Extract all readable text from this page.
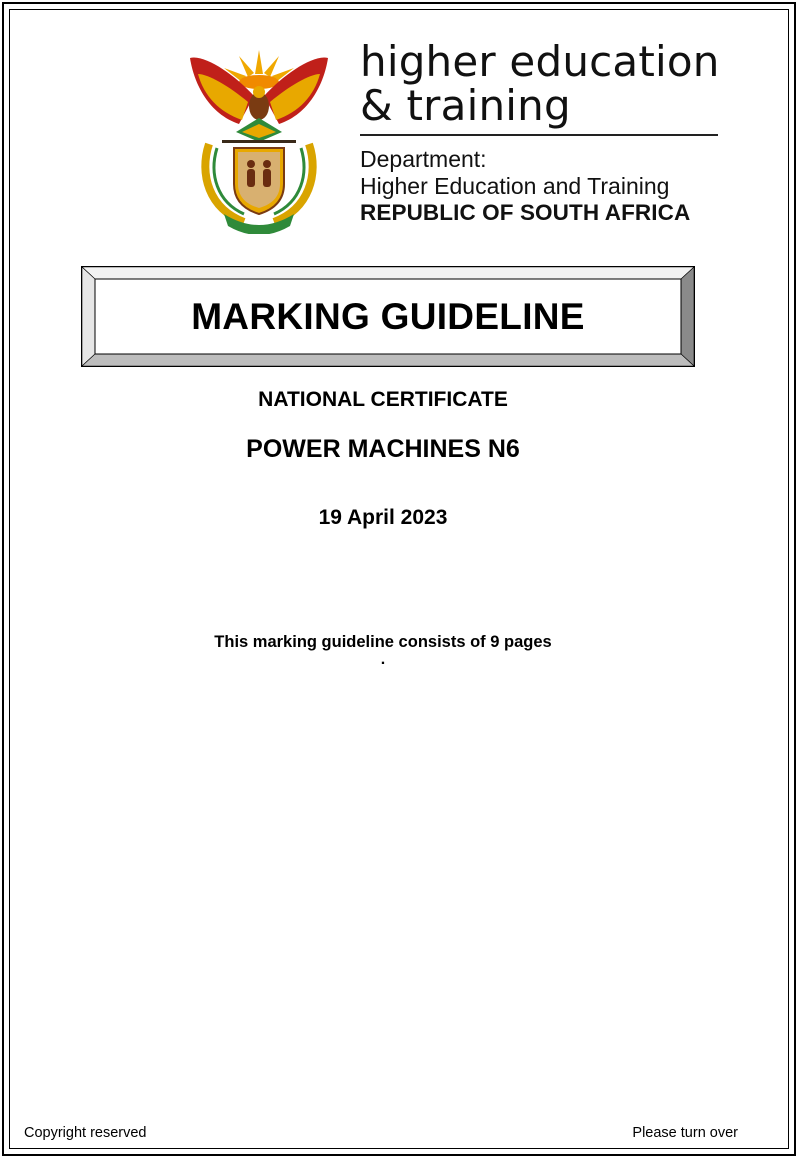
higher education
& training
Department:
Higher Education and Training
REPUBLIC OF SOUTH AFRICA
MARKING GUIDELINE
NATIONAL CERTIFICATE
POWER MACHINES N6
19 April 2023
This marking guideline consists of 9 pages
.
Copyright reserved	Please turn over
